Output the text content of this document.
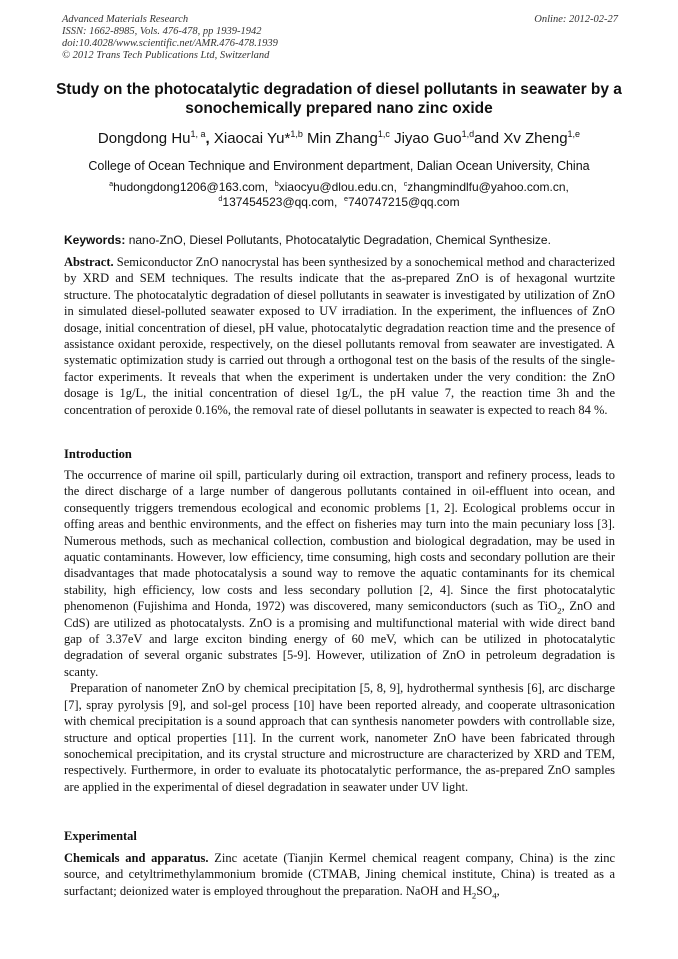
Advanced Materials Research
ISSN: 1662-8985, Vols. 476-478, pp 1939-1942
doi:10.4028/www.scientific.net/AMR.476-478.1939
© 2012 Trans Tech Publications Ltd, Switzerland
Online: 2012-02-27
Study on the photocatalytic degradation of diesel pollutants in seawater by a sonochemically prepared nano zinc oxide
Dongdong Hu$^{1, a}$, Xiaocai Yu*$^{1,b}$ Min Zhang$^{1,c}$ Jiyao Guo$^{1,d}$and Xv Zheng$^{1,e}$
College of Ocean Technique and Environment department, Dalian Ocean University, China
$^a$hudongdong1206@163.com, $^b$xiaocyu@dlou.edu.cn, $^c$zhangmindlfu@yahoo.com.cn,
$^d$137454523@qq.com, $^e$740747215@qq.com
Keywords: nano-ZnO, Diesel Pollutants, Photocatalytic Degradation, Chemical Synthesize.
Abstract. Semiconductor ZnO nanocrystal has been synthesized by a sonochemical method and characterized by XRD and SEM techniques. The results indicate that the as-prepared ZnO is of hexagonal wurtzite structure. The photocatalytic degradation of diesel pollutants in seawater is investigated by utilization of ZnO in simulated diesel-polluted seawater exposed to UV irradiation. In the experiment, the influences of ZnO dosage, initial concentration of diesel, pH value, photocatalytic degradation reaction time and the presence of assistance oxidant peroxide, respectively, on the diesel pollutants removal from seawater are investigated. A systematic optimization study is carried out through a orthogonal test on the basis of the results of the single-factor experiments. It reveals that when the experiment is undertaken under the very condition: the ZnO dosage is 1g/L, the initial concentration of diesel 1g/L, the pH value 7, the reaction time 3h and the concentration of peroxide 0.16%, the removal rate of diesel pollutants in seawater is expected to reach 84 %.
Introduction

The occurrence of marine oil spill, particularly during oil extraction, transport and refinery process, leads to the direct discharge of a large number of dangerous pollutants contained in oil-effluent into ocean, and consequently triggers tremendous ecological and economic problems [1, 2]. Ecological problems occur in offing areas and benthic environments, and the effect on fisheries may turn into the main pecuniary loss [3]. Numerous methods, such as mechanical collection, combustion and biological degradation, may be used in aquatic contaminants. However, low efficiency, time consuming, high costs and secondary pollution are their disadvantages that made photocatalysis a sound way to remove the aquatic contaminants for its chemical stability, high efficiency, low costs and less secondary pollution [2, 4]. Since the first photocatalytic phenomenon (Fujishima and Honda, 1972) was discovered, many semiconductors (such as TiO$_2$, ZnO and CdS) are utilized as photocatalysts. ZnO is a promising and multifunctional material with wide direct band gap of 3.37eV and large exciton binding energy of 60 meV, which can be utilized in photocatalytic degradation of several organic substrates [5-9]. However, utilization of ZnO in petroleum degradation is scanty.

Preparation of nanometer ZnO by chemical precipitation [5, 8, 9], hydrothermal synthesis [6], arc discharge [7], spray pyrolysis [9], and sol-gel process [10] have been reported already, and cooperate ultrasonication with chemical precipitation is a sound approach that can synthesis nanometer powders with controllable size, structure and optical properties [11]. In the current work, nanometer ZnO have been fabricated through sonochemical precipitation, and its crystal structure and microstructure are characterized by XRD and TEM, respectively. Furthermore, in order to evaluate its photocatalytic performance, the as-prepared ZnO samples are applied in the experimental of diesel degradation in seawater under UV light.

Experimental
Chemicals and apparatus. Zinc acetate (Tianjin Kermel chemical reagent company, China) is the zinc source, and cetyltrimethylammonium bromide (CTMAB, Jining chemical institute, China) is treated as a surfactant; deionized water is employed throughout the preparation. NaOH and $H_2SO_4$,
